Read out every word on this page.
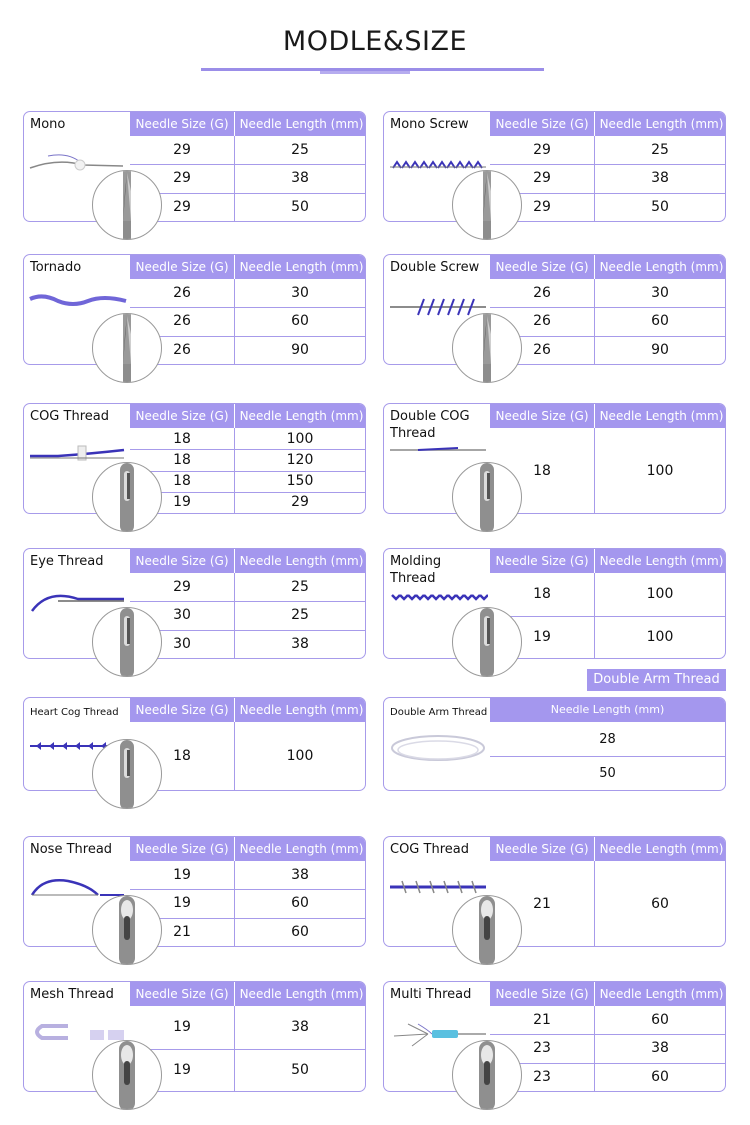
MODLE&SIZE
Mono	Needle Size (G) Needle Length (mm)
29	25
29	38
29	50
Mono Screw	Needle Size (G) Needle Length (mm)
29	25
29	38
29	50
Tornado	Needle Size (G) Needle Length (mm)
26	30
26	60
26	90
Double Screw	Needle Size (G) Needle Length (mm)
26	30
26	60
26	90
COG Thread	Needle Size (G) Needle Length (mm)
18	100
18	120
18	150
19	29
Double COG Thread
Needle Size (G) Needle Length (mm)
18	100
Eye Thread	Needle Size (G) Needle Length (mm)
29	25
30	25
30	38
Molding Thread
Needle Size (G) Needle Length (mm)
18	100
19	100
Heart Cog Thread	Needle Size (G) Needle Length (mm)
18	100
Double Arm Thread	Needle Length (mm)
28
50
Nose Thread	Needle Size (G) Needle Length (mm)
19	38
19	60
21	60
COG Thread	Needle Size (G) Needle Length (mm)
21	60
Mesh Thread	Needle Size (G) Needle Length (mm)
19	38
19	50
Multi Thread	Needle Size (G) Needle Length (mm)
21	60
23	38
23	60
Double Arm Thread
